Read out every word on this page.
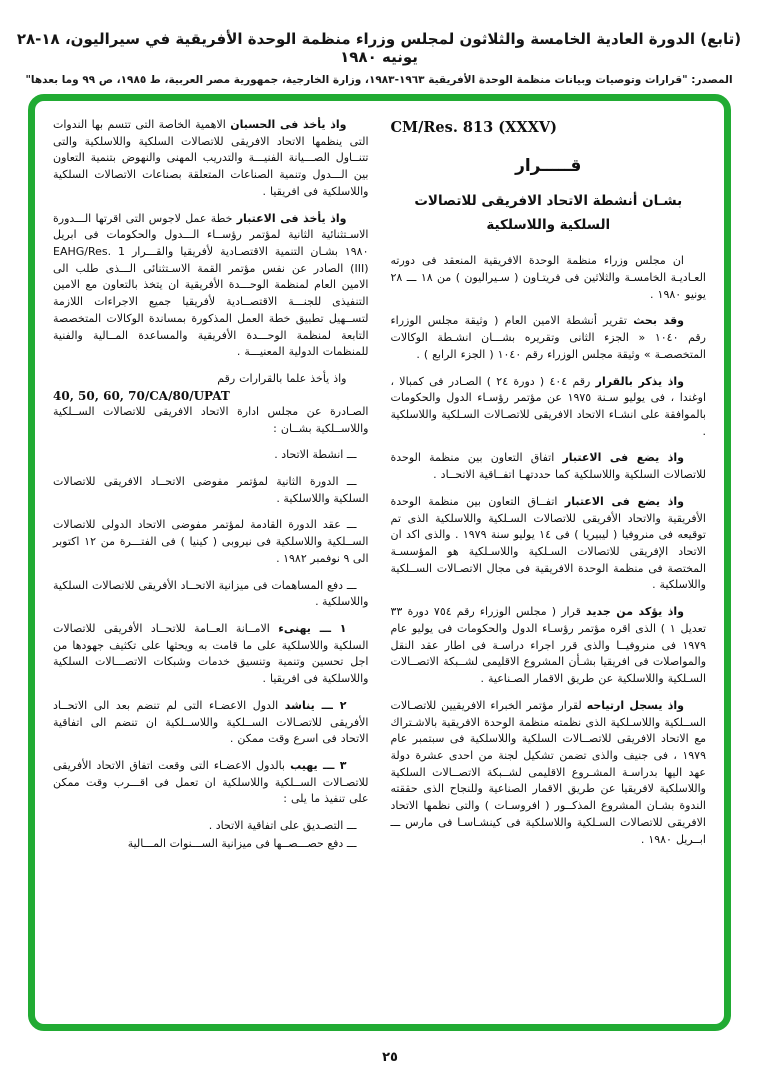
(تابع) الدورة العادية الخامسة والثلاثون لمجلس وزراء منظمة الوحدة الأفريقية في سيراليون، ١٨-٢٨ يونيه ١٩٨٠
المصدر: "قرارات وتوصيات وبيانات منظمة الوحدة الأفريقية ١٩٦٣-١٩٨٣، وزارة الخارجية، جمهورية مصر العربية، ط ١٩٨٥، ص ٩٩ وما بعدها"
CM/Res. 813 (XXXV)
قـــــرار
بشـان أنشطة الاتحاد الافريقى للاتصالات السلكية واللاسلكية

ان مجلس وزراء منظمة الوحدة الافريقية المنعقد فى دورته العـاديـة الخامسـة والثلاثين فى فريتـاون ( سـيراليون ) من ١٨ ـــ ٢٨ يونيو ١٩٨٠ .

وقد بحث تقرير أنشطة الامين العام ( وثيقة مجلس الوزراء رقم ١٠٤٠ « الجزء الثانى وتقريره بشـــان انشـطة الوكالات المتخصصـة » وثيقة مجلس الوزراء رقم ١٠٤٠ ( الجزء الرابع ) .

واذ يذكر بالقرار رقم ٤٠٤ ( دورة ٢٤ ) الصـادر فى كمبالا ، اوغندا ، فى يوليو سـنة ١٩٧٥ عن مؤتمر رؤسـاء الدول والحكومات بالموافقة على انشـاء الاتحاد الافريقى للاتصـالات السـلكية واللاسلكية .

واذ يضع فى الاعتبار اتفاق التعاون بين منظمة الوحدة للاتصالات السلكية واللاسلكية كما حددتهـا اتفــاقية الاتحــاد .

واذ يضع فى الاعتبار اتفــاق التعاون بين منظمة الوحدة الأفريقية والاتحاد الأفريقى للاتصالات السـلكية واللاسلكية الذى تم توقيعه فى منروفيا ( ليبيريا ) فى ١٤ يوليو سنة ١٩٧٩ . والذى اكد ان الاتحاد الإفريقى للاتصالات السـلكية واللاسـلكية هو المؤسسـة المختصة فى منظمة الوحدة الافريقية فى مجال الاتصـالات الســلكية واللاسلكية .

واذ يؤكد من جديد قرار ( مجلس الوزراء رقم ٧٥٤ دورة ٣٣ تعديل ١ ) الذى اقره مؤتمر رؤسـاء الدول والحكومات فى يوليو عام ١٩٧٩ فى منروفيــا والذى قرر اجراء دراسـة فى اطار عقد النقل والمواصلات فى افريقيا بشـأن المشروع الاقليمى لشــبكة الاتصــالات السـلكية واللاسلكية عن طريق الاقمار الصـناعية .

واذ يسجل ارتياحه لقرار مؤتمر الخبراء الافريقيين للاتصـالات الســلكية واللاسـلكية الذى نظمته منظمة الوحدة الافريقية بالاشـتراك مع الاتحاد الافريقى للاتصــالات السلكية واللاسلكية فى سبتمبر عام ١٩٧٩ ، فى جنيف والذى تضمن تشكيل لجنة من احدى عشرة دولة عهد اليها بدراسـة المشـروع الاقليمى لشــبكة الاتصــالات السلكية واللاسلكية لافريقيا عن طريق الاقمار الصناعية وللنجاح الذى حققته الندوة بشـان المشروع المذكــور ( افروسـات ) والتى نظمها الاتحاد الافريقى للاتصالات السـلكية واللاسلكية فى كينشـاسـا فى مارس ـــ ابــريل ١٩٨٠ .

واذ يأخذ فى الحسبان الاهمية الخاصة التى تتسم بها الندوات التى ينظمها الاتحاد الافريقى للاتصالات السلكية واللاسلكية والتى تتنــاول الصـــيانة الفنيـــة والتدريب المهنى والنهوض بتنمية التعاون بين الـــدول وتنمية الصناعات المتعلقة بصناعات الاتصالات السلكية واللاسلكية فى افريقيا .

واذ يأخذ فى الاعتبار خطة عمل لاجوس التى اقرتها الـــدورة الاسـتثنائية الثانية لمؤتمر رؤســاء الـــدول والحكومات فى ابريل ١٩٨٠ بشـان التنمية الاقتصـادية لأفريقيا والقـــرار EAHG/Res. 1 (III) الصادر عن نفس مؤتمر القمة الاسـتثنائى الـــذى طلب الى الامين العام لمنظمة الوحـــدة الأفريقية ان يتخذ بالتعاون مع الامين التنفيذى للجنـــة الاقتصــادية لأفريقيا جميع الاجراءات اللازمة لتســهيل تطبيق خطة العمل المذكورة بمساندة الوكالات المتخصصة التابعة لمنظمة الوحـــدة الأفريقية والمساعدة المــالية والفنية للمنظمات الدولية المعنيـــة .

واذ يأخذ علما بالقرارات رقم

40, 50, 60, 70/CA/80/UPAT

الصـادرة عن مجلس ادارة الاتحاد الافريقى للاتصالات الســلكية واللاســلكية بشــان :

ـــ انشطة الاتحاد .

ـــ الدورة الثانية لمؤتمر مفوضى الاتحــاد الافريقى للاتصالات السلكية واللاسلكية .

ـــ عقد الدورة القادمة لمؤتمر مفوضى الاتحاد الدولى للاتصالات الســلكية واللاسلكية فى نيروبى ( كينيا ) فى الفتـــرة من ١٢ اكتوبر الى ٩ نوفمبر ١٩٨٢ .

ـــ دفع المساهمات فى ميزانية الاتحــاد الأفريقى للاتصالات السلكية واللاسلكية .

١ ـــ يهنىء الامــانة العــامة للاتحــاد الأفريقى للاتصالات السلكية واللاسلكية على ما قامت به ويحثها على تكثيف جهودها من اجل تحسين وتنمية وتنسيق خدمات وشبكات الاتصـــالات السلكية واللاسلكية فى افريقيا .

٢ ـــ يناشد الدول الاعضـاء التى لم تنضم بعد الى الاتحــاد الأفريقى للاتصـالات الســلكية واللاســلكية ان تنضم الى اتفاقية الاتحاد فى اسرع وقت ممكن .

٣ ـــ يهيب بالدول الاعضـاء التى وقعت اتفاق الاتحاد الأفريقى للاتصـالات الســلكية واللاسلكية ان تعمل فى اقـــرب وقت ممكن على تنفيذ ما يلى :

ـــ التصـديق على اتفاقية الاتحاد .

ـــ دفع حصـــصــها فى ميزانية الســـنوات المـــالية

٢٥
